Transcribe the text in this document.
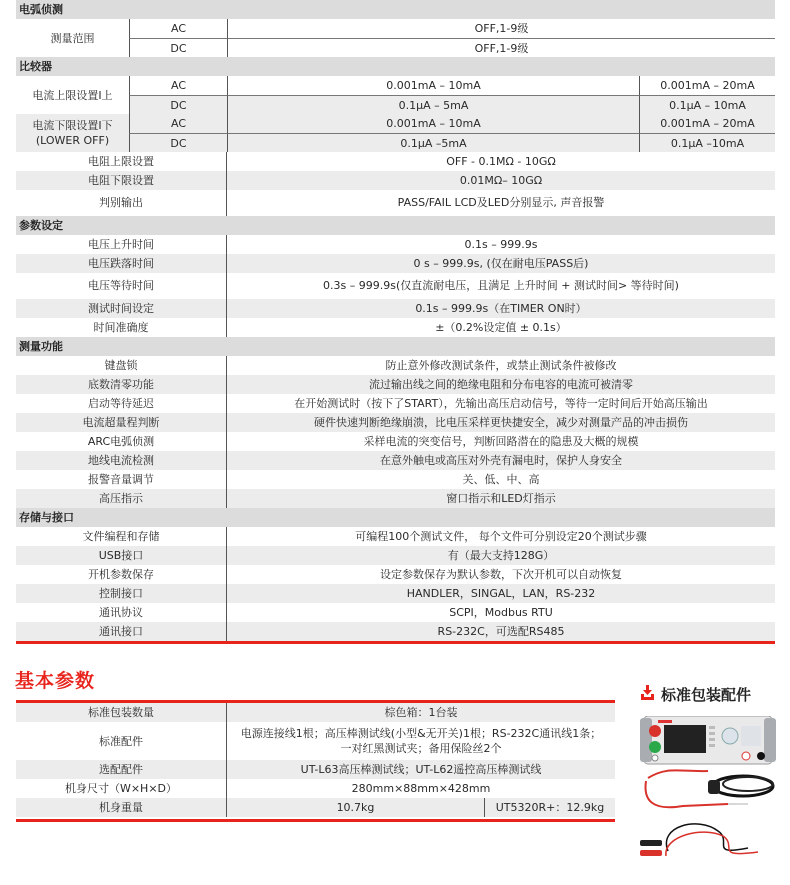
电弧侦测
测量范围
AC	OFF,1-9级
DC	OFF,1-9级
比较器
电流上限设置I上
AC	0.001mA – 10mA	0.001mA – 20mA
DC	0.1μA – 5mA	0.1μA – 10mA
电流下限设置I下
(LOWER OFF)
AC	0.001mA – 10mA	0.001mA – 20mA
DC	0.1μA –5mA	0.1μA –10mA
电阻上限设置	OFF - 0.1MΩ - 10GΩ
电阻下限设置	0.01MΩ– 10GΩ
判别输出	PASS/FAIL LCD及LED分别显示, 声音报警
参数设定
电压上升时间	0.1s – 999.9s
电压跌落时间	0 s – 999.9s, (仅在耐电压PASS后)
电压等待时间	0.3s – 999.9s(仅直流耐电压，且满足 上升时间 + 测试时间> 等待时间)
测试时间设定	0.1s – 999.9s（在TIMER ON时）
时间准确度	±（0.2%设定值 ± 0.1s）
测量功能
键盘锁	防止意外修改测试条件，或禁止测试条件被修改
底数清零功能	流过输出线之间的绝缘电阻和分布电容的电流可被清零
启动等待延迟	在开始测试时（按下了START），先输出高压启动信号，等待一定时间后开始高压输出
电流超量程判断	硬件快速判断绝缘崩溃，比电压采样更快捷安全，减少对测量产品的冲击损伤
ARC电弧侦测	采样电流的突变信号，判断回路潜在的隐患及大概的规模
地线电流检测	在意外触电或高压对外壳有漏电时，保护人身安全
报警音量调节	关、低、中、高
高压指示	窗口指示和LED灯指示
存储与接口
文件编程和存储	可编程100个测试文件， 每个文件可分别设定20个测试步骤
USB接口	有（最大支持128G）
开机参数保存	设定参数保存为默认参数，下次开机可以自动恢复
控制接口	HANDLER，SINGAL，LAN，RS-232
通讯协议	SCPI，Modbus RTU
通讯接口	RS-232C，可选配RS485
基本参数
标准包装数量	棕色箱：1台装
标准配件
电源连接线1根；高压棒测试线(小型&无开关)1根；RS-232C通讯线1条；
一对红黑测试夹；备用保险丝2个
选配配件	UT-L63高压棒测试线；UT-L62遥控高压棒测试线
机身尺寸（W×H×D）	280mm×88mm×428mm
机身重量	10.7kg	UT5320R+：12.9kg
标准包装配件
